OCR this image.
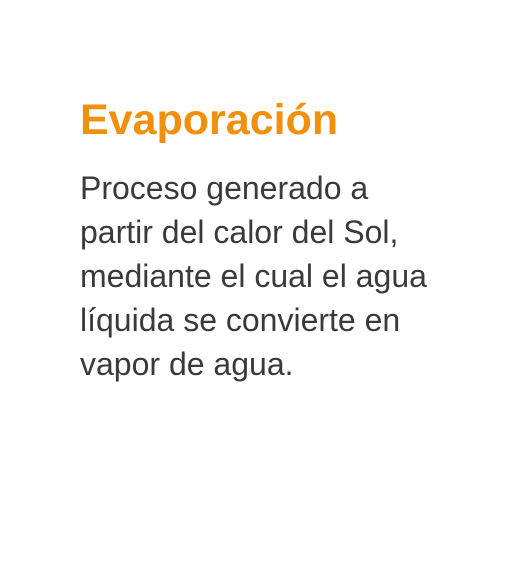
Evaporación

Proceso generado a
partir del calor del Sol,
mediante el cual el agua
líquida se convierte en
vapor de agua.
